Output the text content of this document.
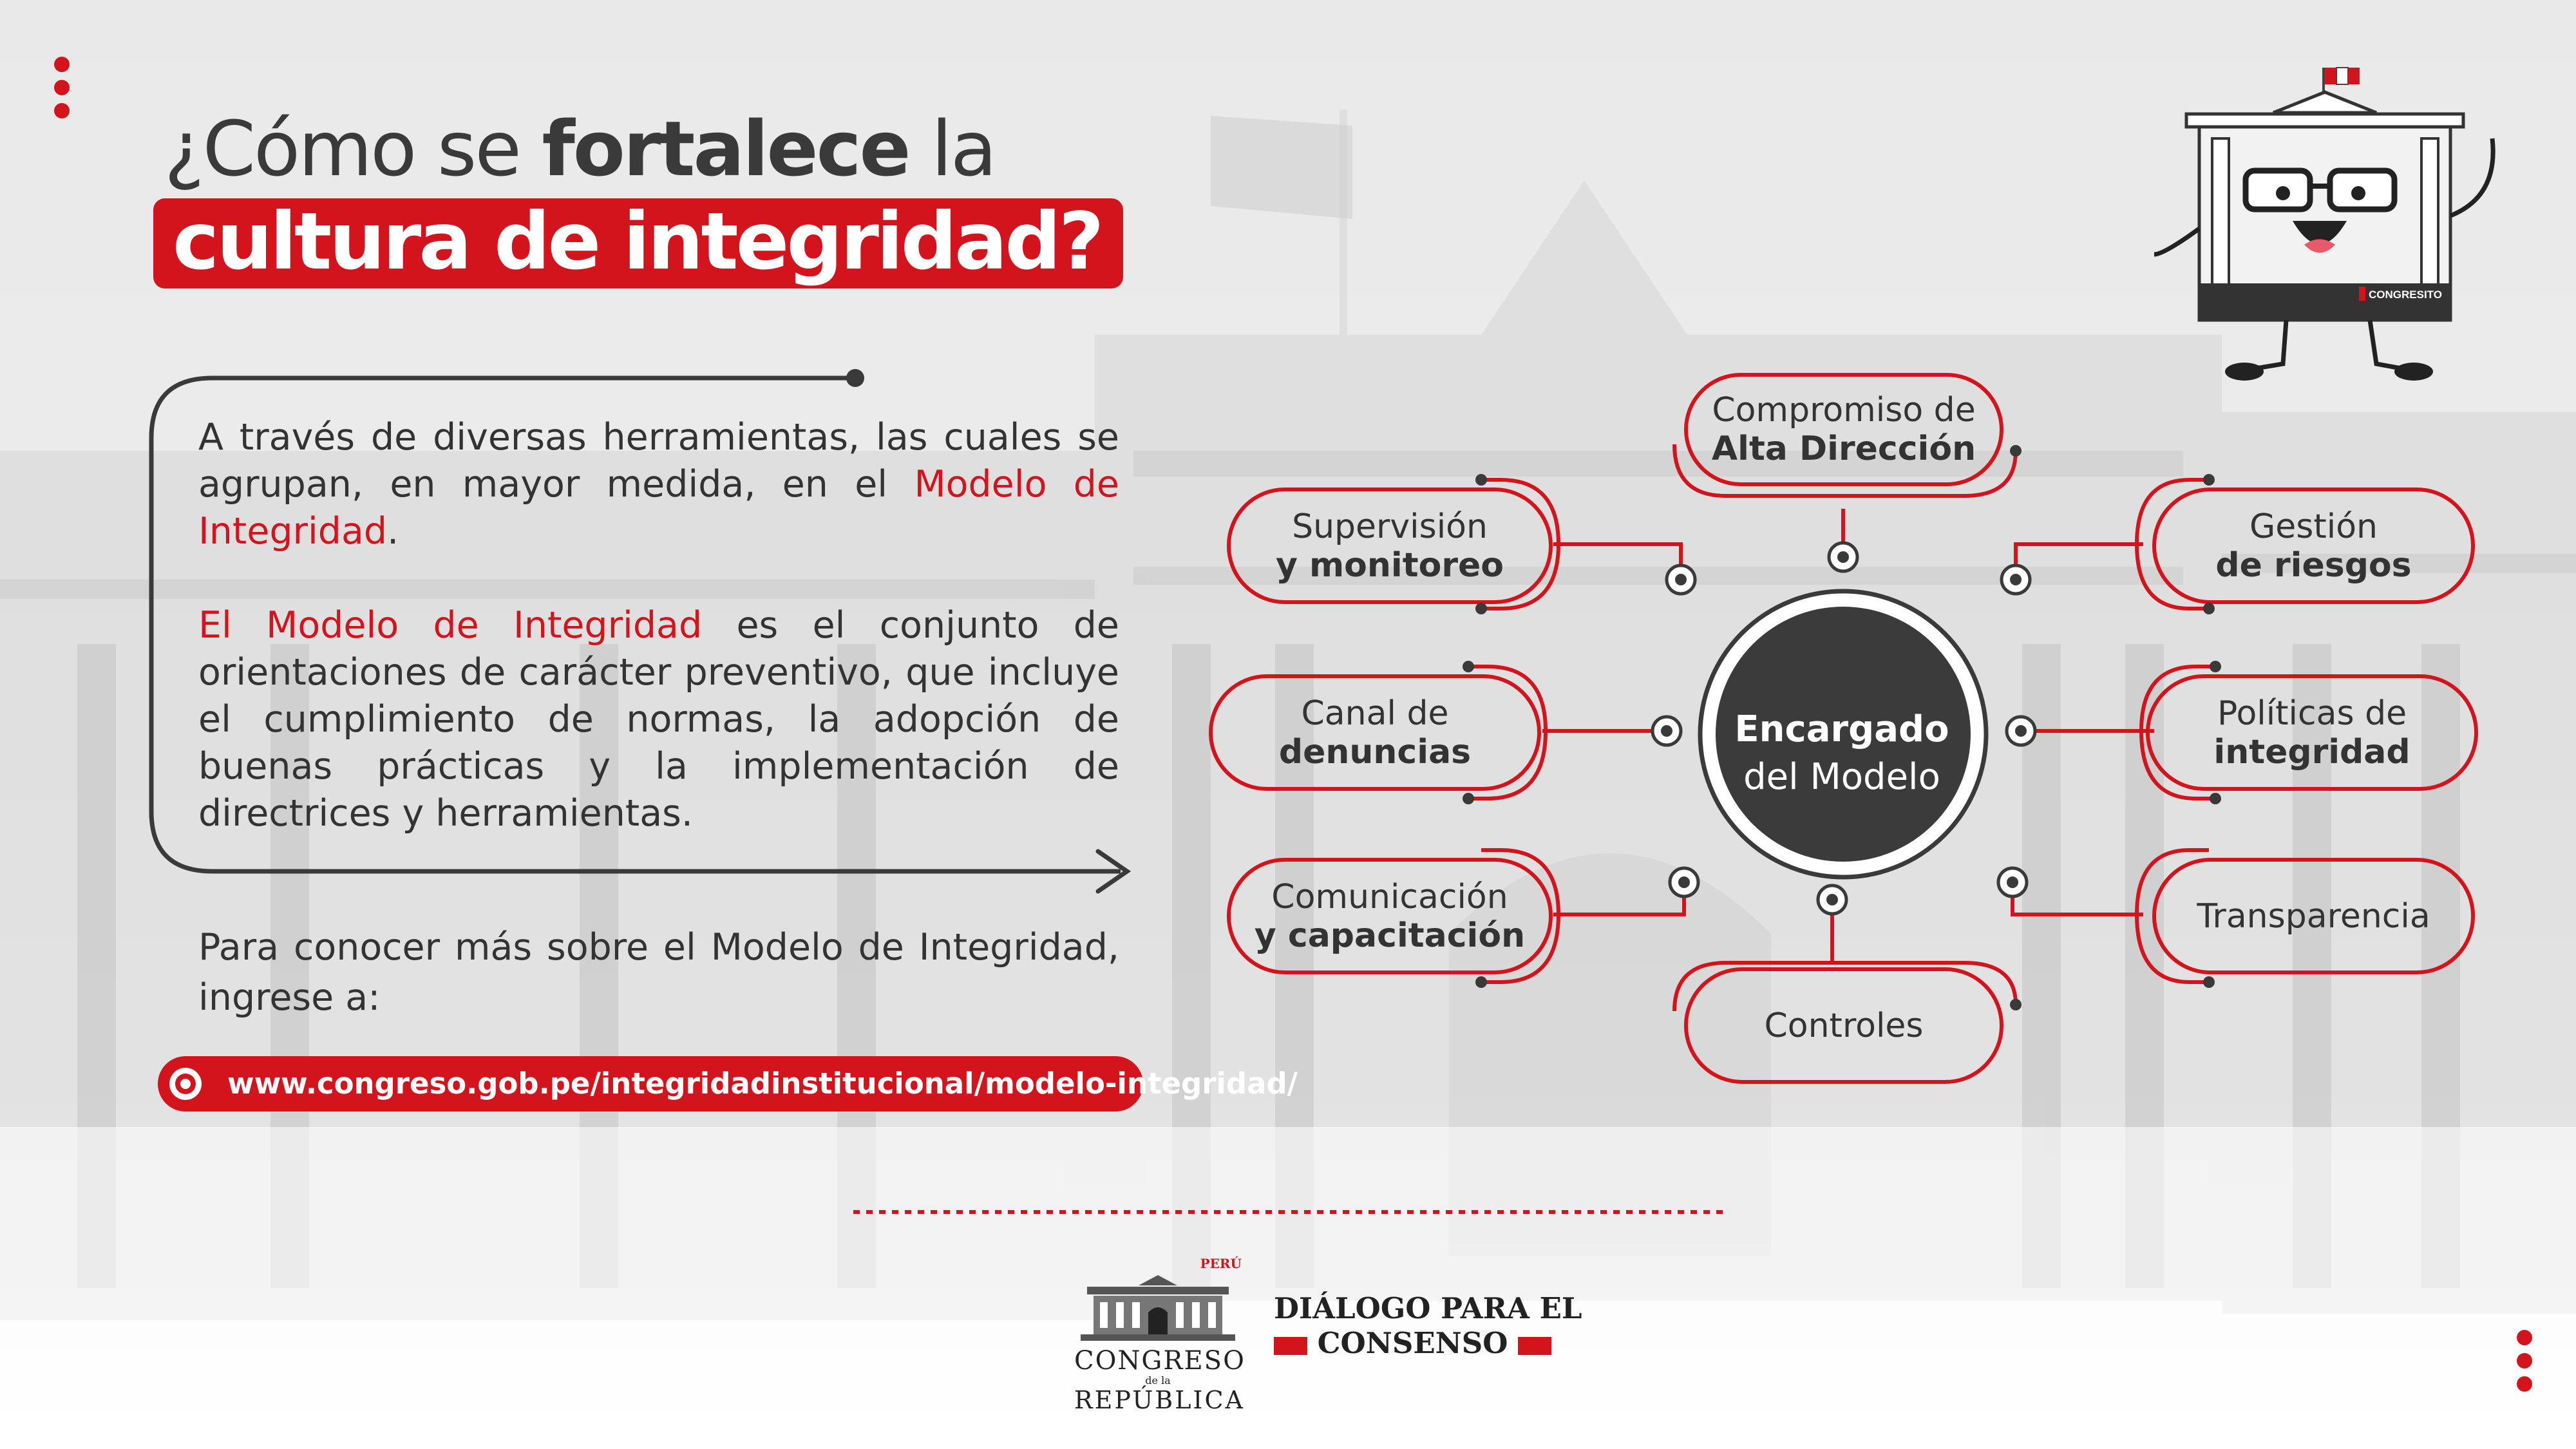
¿Cómo se fortalece la
cultura de integridad?
A través de diversas herramientas, las cuales se agrupan, en mayor medida, en el Modelo de Integridad.
El Modelo de Integridad es el conjunto de orientaciones de carácter preventivo, que incluye el cumplimiento de normas, la adopción de buenas prácticas y la implementación de directrices y herramientas.
Para conocer más sobre el Modelo de Integridad, ingrese a:
www.congreso.gob.pe/integridadinstitucional/modelo-integridad/
Encargado
del Modelo
Compromiso de
Alta Dirección
Supervisión
y monitoreo
Gestión
de riesgos
Canal de
denuncias
Políticas de
integridad
Comunicación
y capacitación	Transparencia
Controles
CONGRESITO
PERÚ
CONGRESO
de la
REPÚBLICA
DIÁLOGO PARA EL
CONSENSO
